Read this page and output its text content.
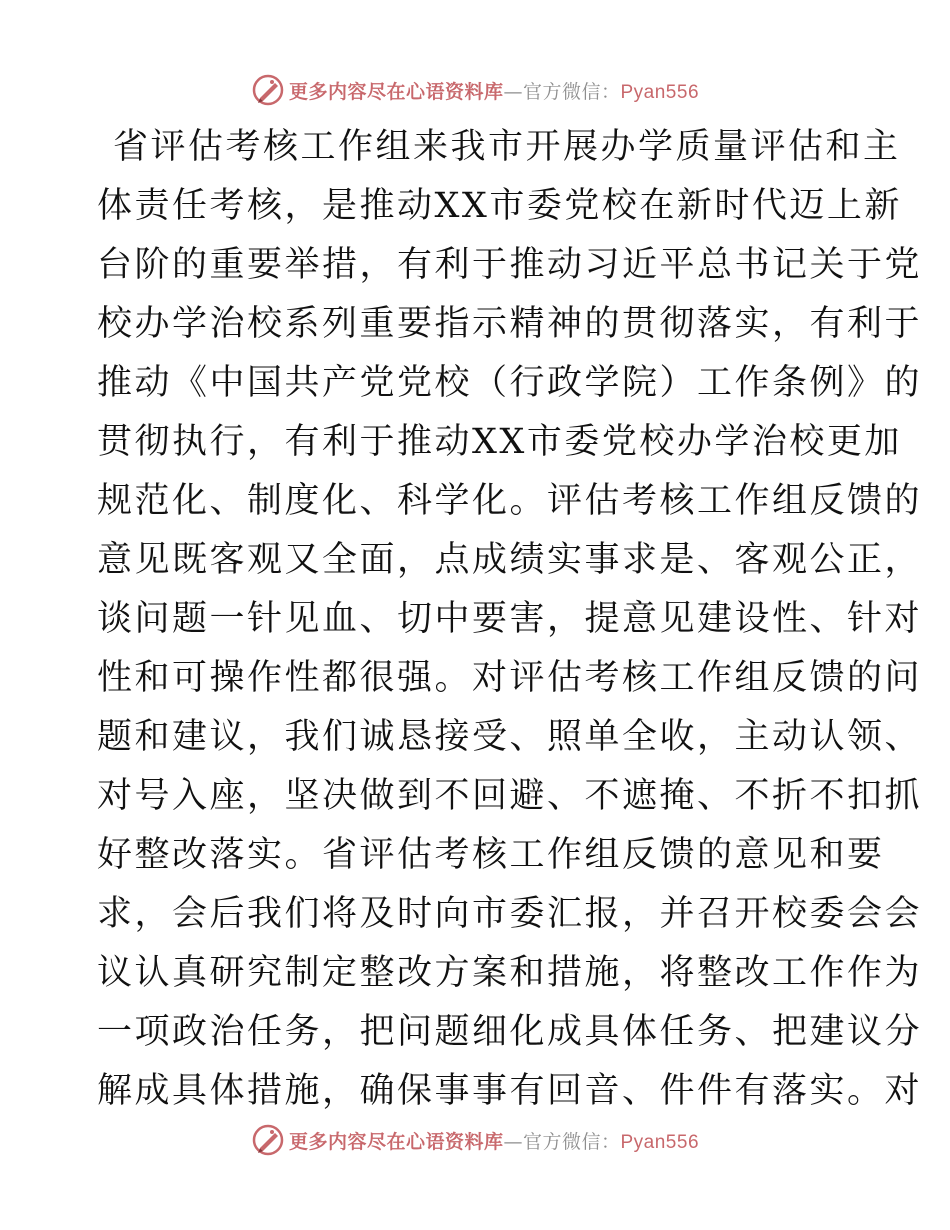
更多内容尽在心语资料库—官方微信：Pyan556
省评估考核工作组来我市开展办学质量评估和主
体责任考核，是推动XX市委党校在新时代迈上新
台阶的重要举措，有利于推动习近平总书记关于党
校办学治校系列重要指示精神的贯彻落实，有利于
推动《中国共产党党校（行政学院）工作条例》的
贯彻执行，有利于推动XX市委党校办学治校更加
规范化、制度化、科学化。评估考核工作组反馈的
意见既客观又全面，点成绩实事求是、客观公正，
谈问题一针见血、切中要害，提意见建设性、针对
性和可操作性都很强。对评估考核工作组反馈的问
题和建议，我们诚恳接受、照单全收，主动认领、
对号入座，坚决做到不回避、不遮掩、不折不扣抓
好整改落实。省评估考核工作组反馈的意见和要
求，会后我们将及时向市委汇报，并召开校委会会
议认真研究制定整改方案和措施，将整改工作作为
一项政治任务，把问题细化成具体任务、把建议分
解成具体措施，确保事事有回音、件件有落实。对
更多内容尽在心语资料库—官方微信：Pyan556
